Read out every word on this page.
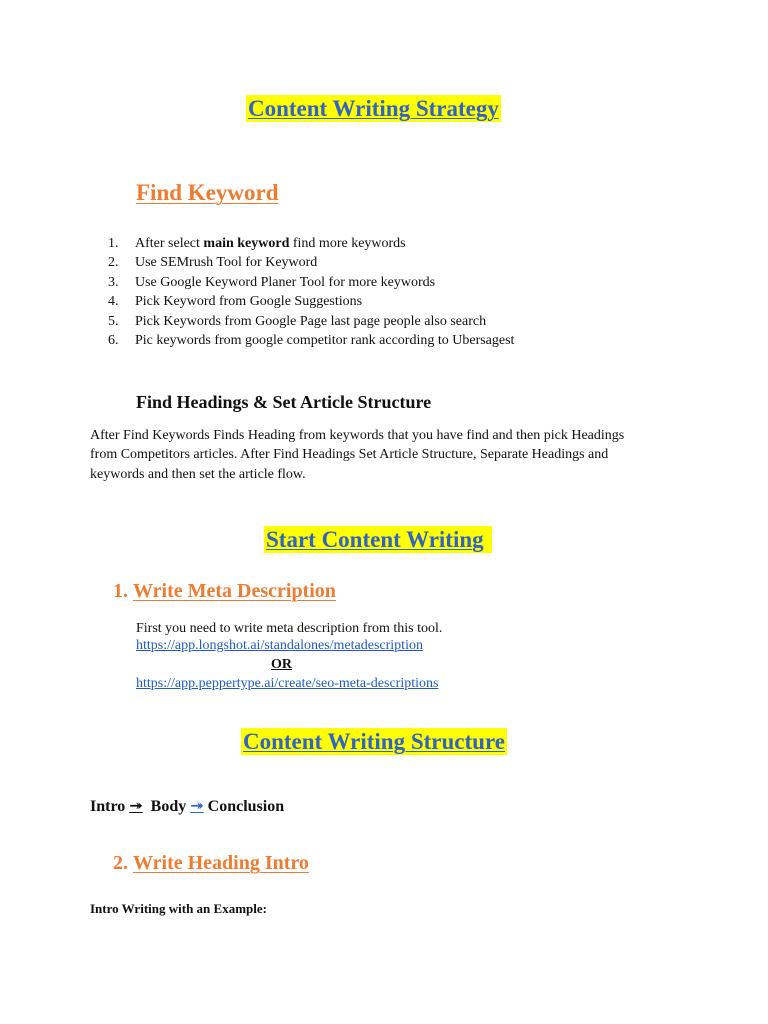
Content Writing Strategy
Find Keyword
1. After select main keyword find more keywords
2. Use SEMrush Tool for Keyword
3. Use Google Keyword Planer Tool for more keywords
4. Pick Keyword from Google Suggestions
5. Pick Keywords from Google Page last page people also search
6. Pic keywords from google competitor rank according to Ubersagest
Find Headings & Set Article Structure
After Find Keywords Finds Heading from keywords that you have find and then pick Headings
from Competitors articles. After Find Headings Set Article Structure, Separate Headings and
keywords and then set the article flow.
Start Content Writing
1. Write Meta Description
First you need to write meta description from this tool.
https://app.longshot.ai/standalones/metadescription
OR
https://app.peppertype.ai/create/seo-meta-descriptions
Content Writing Structure
Intro ↠ Body ↠ Conclusion
2. Write Heading Intro
Intro Writing with an Example:
